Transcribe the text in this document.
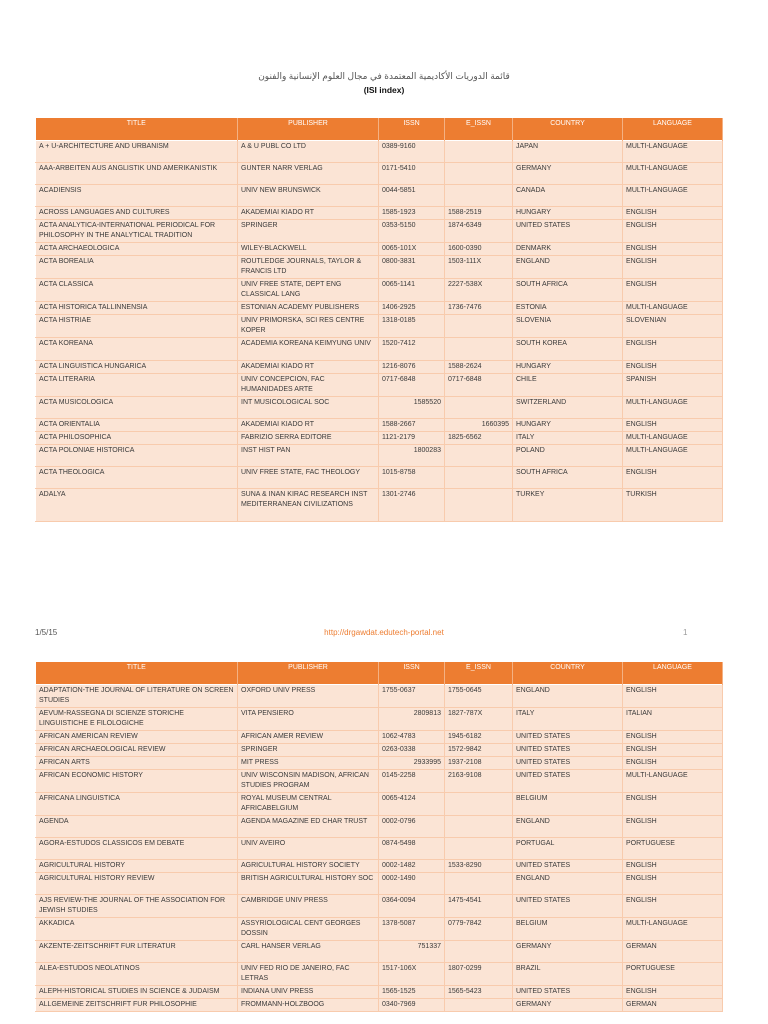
قائمة الدوريات الأكاديمية المعتمدة في مجال العلوم الإنسانية والفنون
(ISI index)
TITLE	PUBLISHER	ISSN	E_ISSN	COUNTRY	LANGUAGE
A + U-ARCHITECTURE AND URBANISM	A & U PUBL CO LTD	0389-9160		JAPAN	MULTI-LANGUAGE
AAA-ARBEITEN AUS ANGLISTIK UND AMERIKANISTIK	GUNTER NARR VERLAG	0171-5410		GERMANY	MULTI-LANGUAGE
ACADIENSIS	UNIV NEW BRUNSWICK	0044-5851		CANADA	MULTI-LANGUAGE
ACROSS LANGUAGES AND CULTURES	AKADEMIAI KIADO RT	1585-1923	1588-2519	HUNGARY	ENGLISH
ACTA ANALYTICA-INTERNATIONAL PERIODICAL FOR PHILOSOPHY IN THE ANALYTICAL TRADITION	SPRINGER	0353-5150	1874-6349	UNITED STATES	ENGLISH
ACTA ARCHAEOLOGICA	WILEY-BLACKWELL	0065-101X	1600-0390	DENMARK	ENGLISH
ACTA BOREALIA	ROUTLEDGE JOURNALS, TAYLOR & FRANCIS LTD	0800-3831	1503-111X	ENGLAND	ENGLISH
ACTA CLASSICA	UNIV FREE STATE, DEPT ENG CLASSICAL LANG	0065-1141	2227-538X	SOUTH AFRICA	ENGLISH
ACTA HISTORICA TALLINNENSIA	ESTONIAN ACADEMY PUBLISHERS	1406-2925	1736-7476	ESTONIA	MULTI-LANGUAGE
ACTA HISTRIAE	UNIV PRIMORSKA, SCI RES CENTRE KOPER	1318-0185		SLOVENIA	SLOVENIAN
ACTA KOREANA	ACADEMIA KOREANA KEIMYUNG UNIV	1520-7412		SOUTH KOREA	ENGLISH
ACTA LINGUISTICA HUNGARICA	AKADEMIAI KIADO RT	1216-8076	1588-2624	HUNGARY	ENGLISH
ACTA LITERARIA	UNIV CONCEPCION, FAC HUMANIDADES ARTE	0717-6848	0717-6848	CHILE	SPANISH
ACTA MUSICOLOGICA	INT MUSICOLOGICAL SOC	1585520		SWITZERLAND	MULTI-LANGUAGE
ACTA ORIENTALIA	AKADEMIAI KIADO RT	1588-2667	1660395	HUNGARY	ENGLISH
ACTA PHILOSOPHICA	FABRIZIO SERRA EDITORE	1121-2179	1825-6562	ITALY	MULTI-LANGUAGE
ACTA POLONIAE HISTORICA	INST HIST PAN	1800283		POLAND	MULTI-LANGUAGE
ACTA THEOLOGICA	UNIV FREE STATE, FAC THEOLOGY	1015-8758		SOUTH AFRICA	ENGLISH
ADALYA	SUNA & INAN KIRAC RESEARCH INST MEDITERRANEAN CIVILIZATIONS	1301-2746		TURKEY	TURKISH
1/5/15	http://drgawdat.edutech-portal.net	1
TITLE	PUBLISHER	ISSN	E_ISSN	COUNTRY	LANGUAGE
ADAPTATION-THE JOURNAL OF LITERATURE ON SCREEN STUDIES	OXFORD UNIV PRESS	1755-0637	1755-0645	ENGLAND	ENGLISH
AEVUM-RASSEGNA DI SCIENZE STORICHE LINGUISTICHE E FILOLOGICHE	VITA PENSIERO	2809813	1827-787X	ITALY	ITALIAN
AFRICAN AMERICAN REVIEW	AFRICAN AMER REVIEW	1062-4783	1945-6182	UNITED STATES	ENGLISH
AFRICAN ARCHAEOLOGICAL REVIEW	SPRINGER	0263-0338	1572-9842	UNITED STATES	ENGLISH
AFRICAN ARTS	MIT PRESS	2933995	1937-2108	UNITED STATES	ENGLISH
AFRICAN ECONOMIC HISTORY	UNIV WISCONSIN MADISON, AFRICAN STUDIES PROGRAM	0145-2258	2163-9108	UNITED STATES	MULTI-LANGUAGE
AFRICANA LINGUISTICA	ROYAL MUSEUM CENTRAL AFRICABELGIUM	0065-4124		BELGIUM	ENGLISH
AGENDA	AGENDA MAGAZINE ED CHAR TRUST	0002-0796		ENGLAND	ENGLISH
AGORA-ESTUDOS CLASSICOS EM DEBATE	UNIV AVEIRO	0874-5498		PORTUGAL	PORTUGUESE
AGRICULTURAL HISTORY	AGRICULTURAL HISTORY SOCIETY	0002-1482	1533-8290	UNITED STATES	ENGLISH
AGRICULTURAL HISTORY REVIEW	BRITISH AGRICULTURAL HISTORY SOC	0002-1490		ENGLAND	ENGLISH
AJS REVIEW-THE JOURNAL OF THE ASSOCIATION FOR JEWISH STUDIES	CAMBRIDGE UNIV PRESS	0364-0094	1475-4541	UNITED STATES	ENGLISH
AKKADICA	ASSYRIOLOGICAL CENT GEORGES DOSSIN	1378-5087	0779-7842	BELGIUM	MULTI-LANGUAGE
AKZENTE-ZEITSCHRIFT FUR LITERATUR	CARL HANSER VERLAG	751337		GERMANY	GERMAN
ALEA-ESTUDOS NEOLATINOS	UNIV FED RIO DE JANEIRO, FAC LETRAS	1517-106X	1807-0299	BRAZIL	PORTUGUESE
ALEPH-HISTORICAL STUDIES IN SCIENCE & JUDAISM	INDIANA UNIV PRESS	1565-1525	1565-5423	UNITED STATES	ENGLISH
ALLGEMEINE ZEITSCHRIFT FUR PHILOSOPHIE	FROMMANN-HOLZBOOG	0340-7969		GERMANY	GERMAN
